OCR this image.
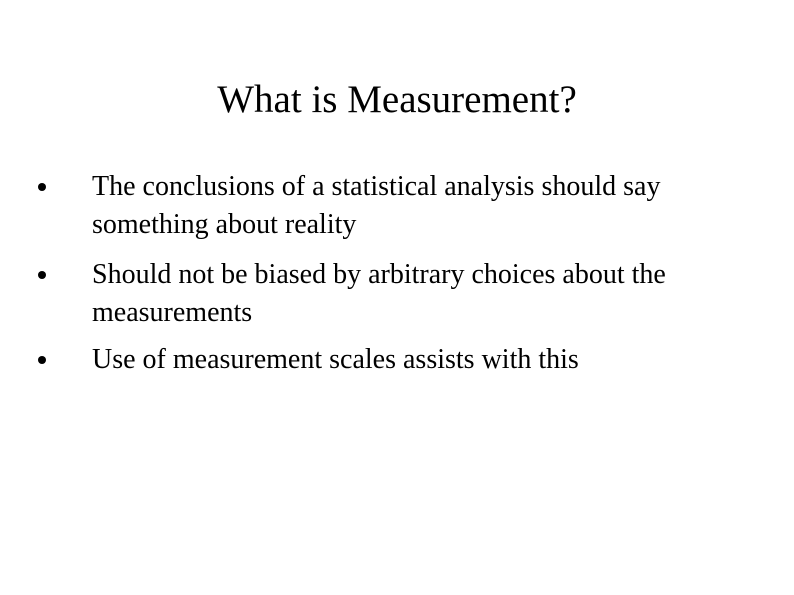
What is Measurement?
The conclusions of a statistical analysis should say something about reality
Should not be biased by arbitrary choices about the measurements
Use of measurement scales assists with this
